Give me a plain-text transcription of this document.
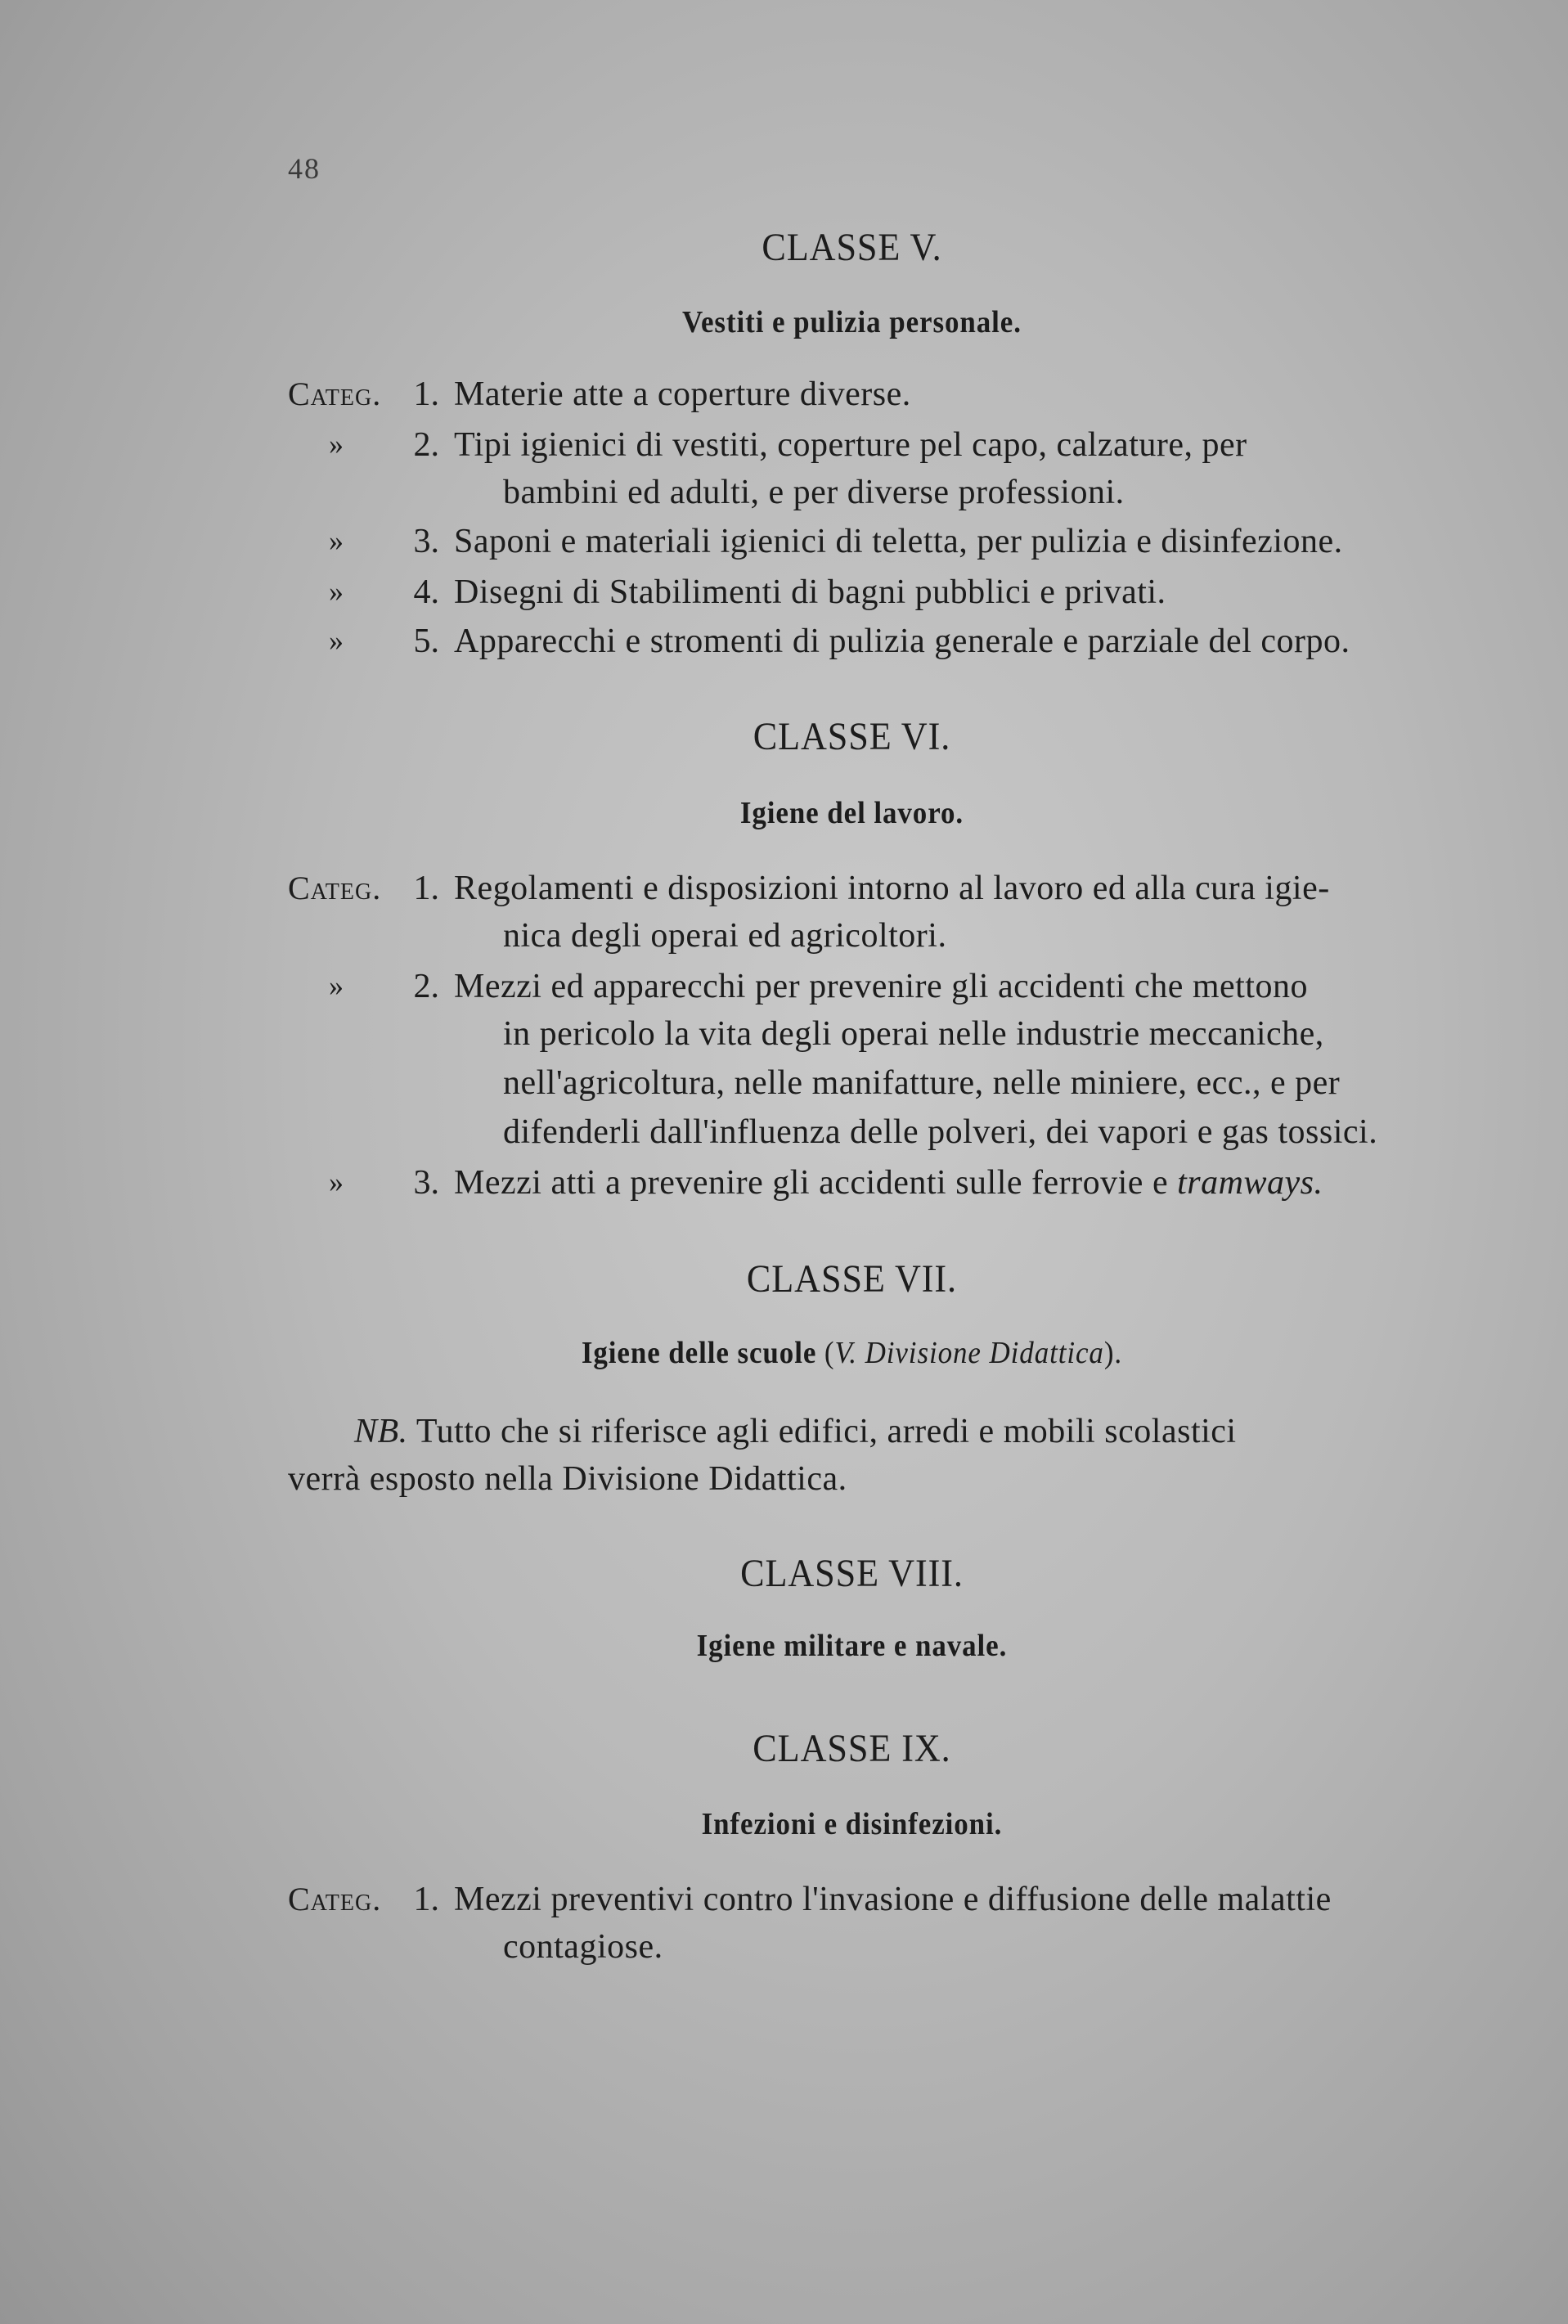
48
CLASSE V.
Vestiti e pulizia personale.
Categ. 1. Materie atte a coperture diverse.
»	2. Tipi igienici di vestiti, coperture pel capo, calzature, per
bambini ed adulti, e per diverse professioni.
»	3. Saponi e materiali igienici di teletta, per pulizia e disinfezione.
»	4. Disegni di Stabilimenti di bagni pubblici e privati.
»	5. Apparecchi e stromenti di pulizia generale e parziale del corpo.
CLASSE VI.
Igiene del lavoro.
Categ. 1. Regolamenti e disposizioni intorno al lavoro ed alla cura igie-
nica degli operai ed agricoltori.
»	2. Mezzi ed apparecchi per prevenire gli accidenti che mettono
in pericolo la vita degli operai nelle industrie meccaniche,
nell'agricoltura, nelle manifatture, nelle miniere, ecc., e per
difenderli dall'influenza delle polveri, dei vapori e gas tossici.
»	3. Mezzi atti a prevenire gli accidenti sulle ferrovie e tramways.
CLASSE VII.
Igiene delle scuole (V. Divisione Didattica).
NB. Tutto che si riferisce agli edifici, arredi e mobili scolastici
verrà esposto nella Divisione Didattica.
CLASSE VIII.
Igiene militare e navale.
CLASSE IX.
Infezioni e disinfezioni.
Categ. 1. Mezzi preventivi contro l'invasione e diffusione delle malattie
contagiose.
